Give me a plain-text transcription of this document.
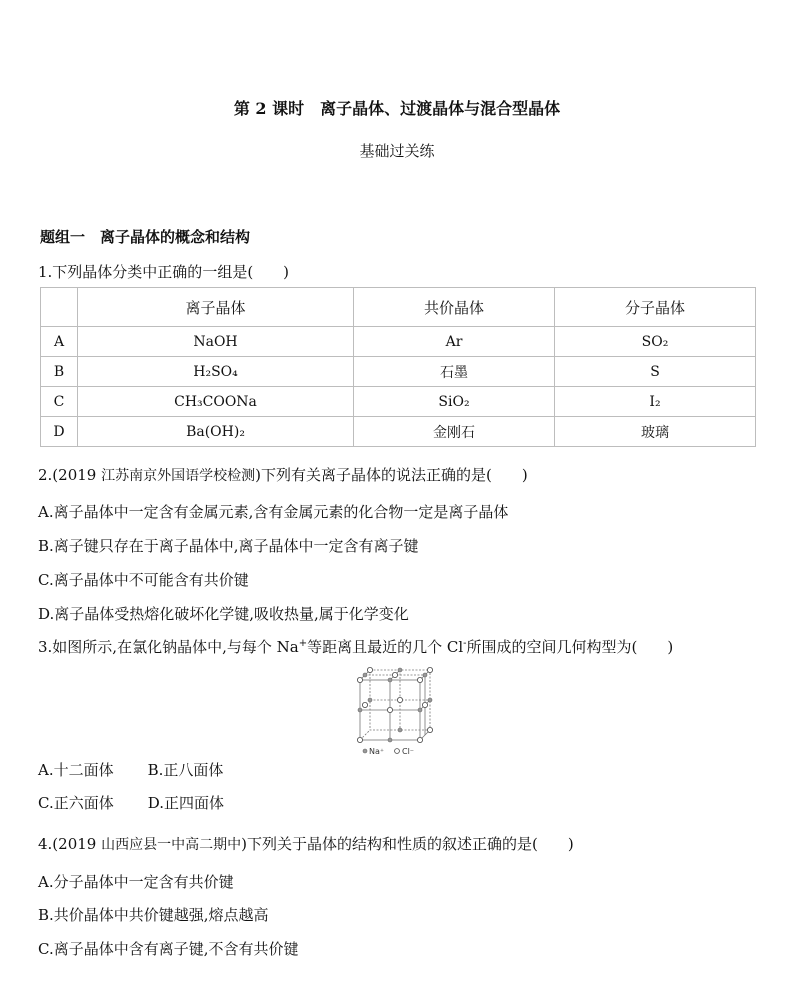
第 2 课时　离子晶体、过渡晶体与混合型晶体
基础过关练
题组一　离子晶体的概念和结构
1.下列晶体分类中正确的一组是(　　)
	离子晶体	共价晶体	分子晶体
A	NaOH	Ar	SO₂
B	H₂SO₄	石墨	S
C	CH₃COONa	SiO₂	I₂
D	Ba(OH)₂	金刚石	玻璃
2.(2019 江苏南京外国语学校检测)下列有关离子晶体的说法正确的是(　　)
A.离子晶体中一定含有金属元素,含有金属元素的化合物一定是离子晶体
B.离子键只存在于离子晶体中,离子晶体中一定含有离子键
C.离子晶体中不可能含有共价键
D.离子晶体受热熔化破坏化学键,吸收热量,属于化学变化
3.如图所示,在氯化钠晶体中,与每个 Na+等距离且最近的几个 Cl-所围成的空间几何构型为(　　)
Na⁺ Cl⁻
A.十二面体 B.正八面体
C.正六面体 D.正四面体
4.(2019 山西应县一中高二期中)下列关于晶体的结构和性质的叙述正确的是(　　)
A.分子晶体中一定含有共价键
B.共价晶体中共价键越强,熔点越高
C.离子晶体中含有离子键,不含有共价键
